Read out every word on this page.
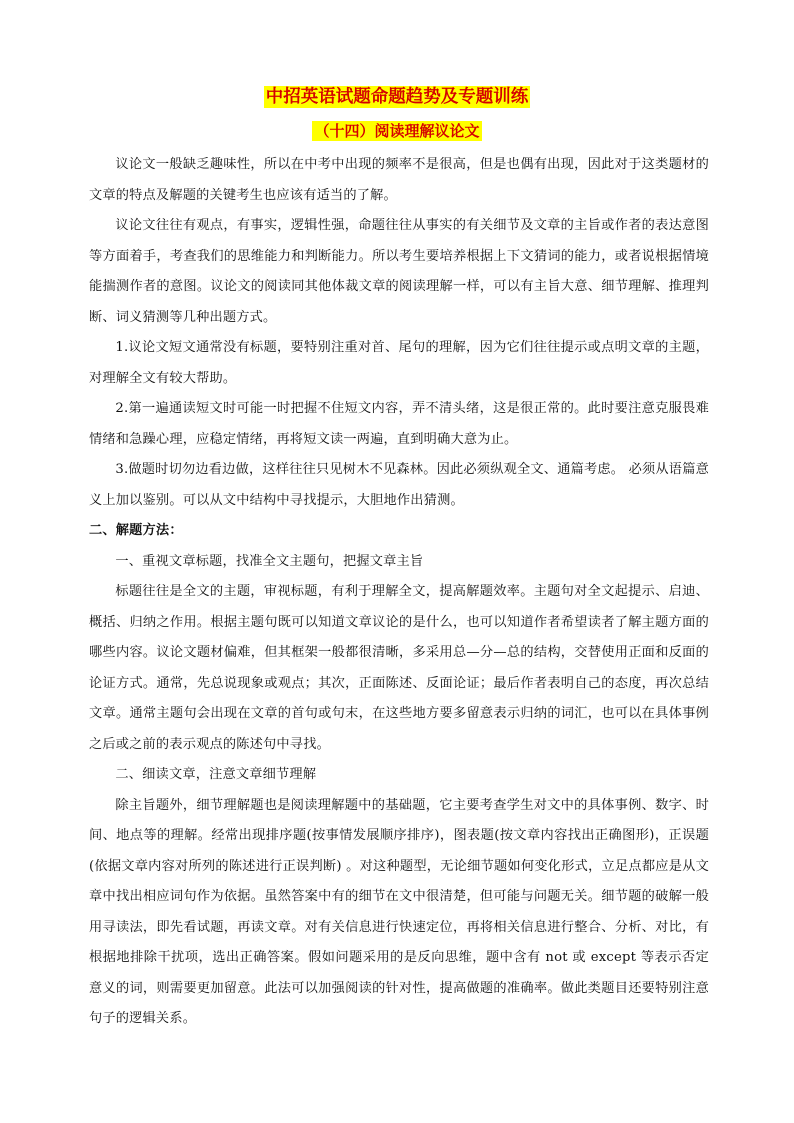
中招英语试题命题趋势及专题训练
（十四）阅读理解议论文

议论文一般缺乏趣味性，所以在中考中出现的频率不是很高，但是也偶有出现，因此对于这类题材的文章的特点及解题的关键考生也应该有适当的了解。

议论文往往有观点，有事实，逻辑性强，命题往往从事实的有关细节及文章的主旨或作者的表达意图等方面着手，考查我们的思维能力和判断能力。所以考生要培养根据上下文猜词的能力，或者说根据情境能揣测作者的意图。议论文的阅读同其他体裁文章的阅读理解一样，可以有主旨大意、细节理解、推理判断、词义猜测等几种出题方式。

1.议论文短文通常没有标题，要特别注重对首、尾句的理解，因为它们往往提示或点明文章的主题，对理解全文有较大帮助。

2.第一遍通读短文时可能一时把握不住短文内容，弄不清头绪，这是很正常的。此时要注意克服畏难情绪和急躁心理，应稳定情绪，再将短文读一两遍，直到明确大意为止。

3.做题时切勿边看边做，这样往往只见树木不见森林。因此必须纵观全文、通篇考虑。 必须从语篇意义上加以鉴别。可以从文中结构中寻找提示，大胆地作出猜测。

二、解题方法：

一、重视文章标题，找准全文主题句，把握文章主旨

标题往往是全文的主题，审视标题，有利于理解全文，提高解题效率。主题句对全文起提示、启迪、概括、归纳之作用。根据主题句既可以知道文章议论的是什么，也可以知道作者希望读者了解主题方面的哪些内容。议论文题材偏难，但其框架一般都很清晰，多采用总—分—总的结构，交替使用正面和反面的论证方式。通常，先总说现象或观点；其次，正面陈述、反面论证；最后作者表明自己的态度，再次总结文章。通常主题句会出现在文章的首句或句末，在这些地方要多留意表示归纳的词汇，也可以在具体事例之后或之前的表示观点的陈述句中寻找。

二、细读文章，注意文章细节理解

除主旨题外，细节理解题也是阅读理解题中的基础题，它主要考查学生对文中的具体事例、数字、时间、地点等的理解。经常出现排序题(按事情发展顺序排序)，图表题(按文章内容找出正确图形)，正误题(依据文章内容对所列的陈述进行正误判断) 。对这种题型，无论细节题如何变化形式，立足点都应是从文章中找出相应词句作为依据。虽然答案中有的细节在文中很清楚，但可能与问题无关。细节题的破解一般用寻读法，即先看试题，再读文章。对有关信息进行快速定位，再将相关信息进行整合、分析、对比，有根据地排除干扰项，选出正确答案。假如问题采用的是反向思维，题中含有 not 或 except 等表示否定意义的词，则需要更加留意。此法可以加强阅读的针对性，提高做题的准确率。做此类题目还要特别注意句子的逻辑关系。
